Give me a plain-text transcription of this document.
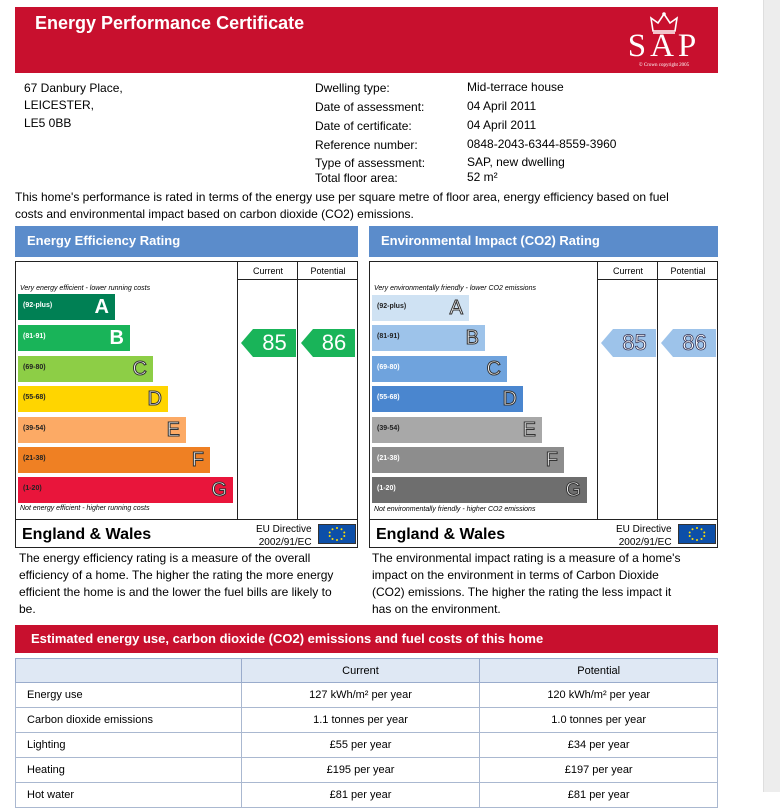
Energy Performance Certificate
SAP
© Crown copyright 2005
67 Danbury Place,
LEICESTER,
LE5 0BB
Dwelling type:	Mid-terrace house
Date of assessment:	04 April 2011
Date of certificate:	04 April 2011
Reference number:	0848-2043-6344-8559-3960
Type of assessment:	SAP, new dwelling
Total floor area:	52 m²
This home's performance is rated in terms of the energy use per square metre of floor area, energy efficiency based on fuel costs and environmental impact based on carbon dioxide (CO2) emissions.
Energy Efficiency Rating
Current	Potential
Very energy efficient - lower running costs
Not energy efficient - higher running costs
(92-plus) A
(81-91)	B
(69-80)	C
(55-68)	D
(39-54)	E
(21-38)	F
(1-20)	G
85	86
England & Wales	EU Directive
2002/91/EC
The energy efficiency rating is a measure of the overall efficiency of a home. The higher the rating the more energy efficient the home is and the lower the fuel bills are likely to be.
Environmental Impact (CO2) Rating
Current	Potential
Very environmentally friendly - lower CO2 emissions
Not environmentally friendly - higher CO2 emissions
(92-plus) A
(81-91)	B
(69-80)	C
(55-68)	D
(39-54)	E
(21-38)	F
(1-20)	G
85	86
England & Wales	EU Directive
2002/91/EC
The environmental impact rating is a measure of a home's impact on the environment in terms of Carbon Dioxide (CO2) emissions. The higher the rating the less impact it has on the environment.
Estimated energy use, carbon dioxide (CO2) emissions and fuel costs of this home
	Current	Potential
Energy use	127 kWh/m² per year	120 kWh/m² per year
Carbon dioxide emissions	1.1 tonnes per year	1.0 tonnes per year
Lighting	£55 per year	£34 per year
Heating	£195 per year	£197 per year
Hot water	£81 per year	£81 per year
